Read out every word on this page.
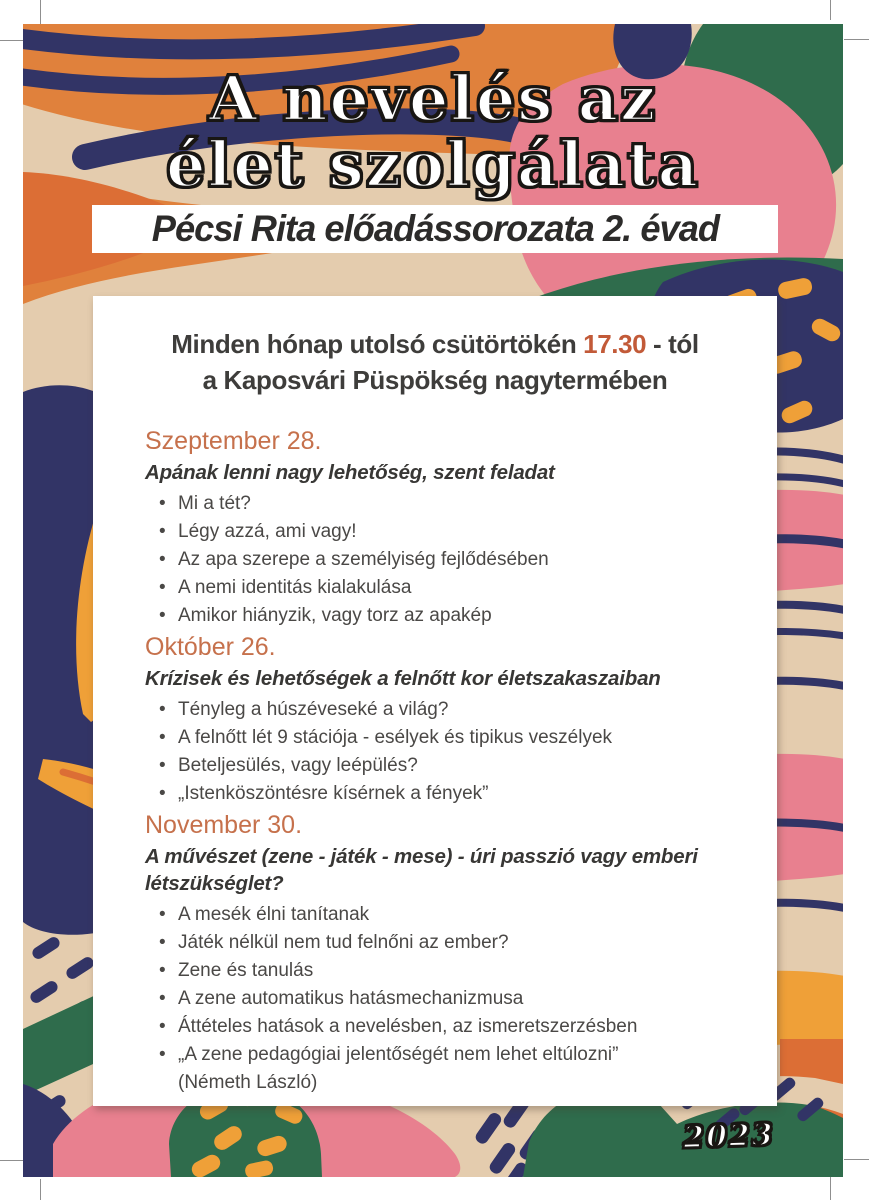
A nevelés az
élet szolgálata
Pécsi Rita előadássorozata 2. évad
Minden hónap utolsó csütörtökén 17.30 - tól
a Kaposvári Püspökség nagytermében
Szeptember 28.
Apának lenni nagy lehetőség, szent feladat
• Mi a tét?
• Légy azzá, ami vagy!
• Az apa szerepe a személyiség fejlődésében
• A nemi identitás kialakulása
• Amikor hiányzik, vagy torz az apakép
Október 26.
Krízisek és lehetőségek a felnőtt kor életszakaszaiban
• Tényleg a húszéveseké a világ?
• A felnőtt lét 9 stációja - esélyek és tipikus veszélyek
• Beteljesülés, vagy leépülés?
• „Istenköszöntésre kísérnek a fények”
November 30.
A művészet (zene - játék - mese) - úri passzió vagy emberi létszükséglet?
• A mesék élni tanítanak
• Játék nélkül nem tud felnőni az ember?
• Zene és tanulás
• A zene automatikus hatásmechanizmusa
• Áttételes hatások a nevelésben, az ismeretszerzésben
• „A zene pedagógiai jelentőségét nem lehet eltúlozni”
(Németh László)
2023
